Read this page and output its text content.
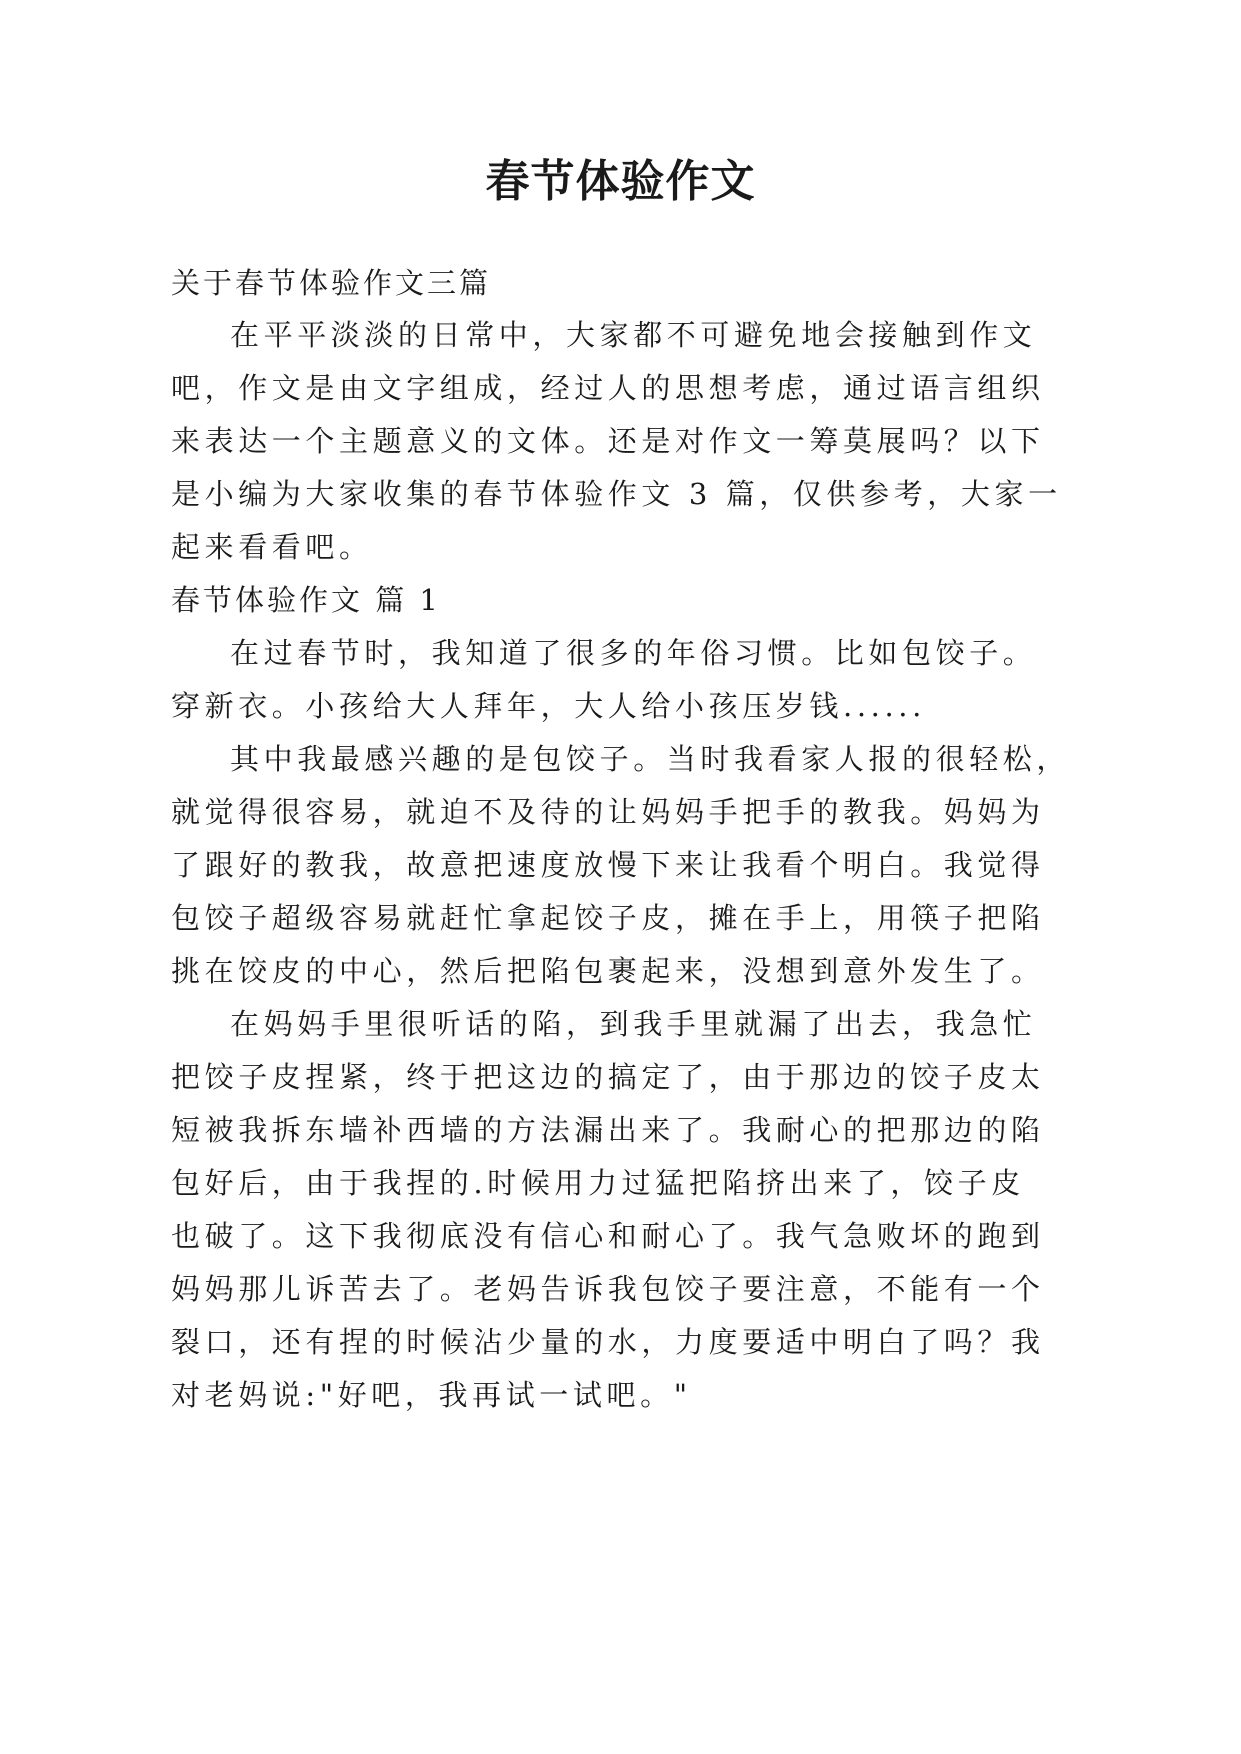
春节体验作文
关于春节体验作文三篇
在平平淡淡的日常中，大家都不可避免地会接触到作文
吧，作文是由文字组成，经过人的思想考虑，通过语言组织
来表达一个主题意义的文体。还是对作文一筹莫展吗？以下
是小编为大家收集的春节体验作文 3 篇，仅供参考，大家一
起来看看吧。
春节体验作文 篇 1
在过春节时，我知道了很多的年俗习惯。比如包饺子。
穿新衣。小孩给大人拜年，大人给小孩压岁钱......
其中我最感兴趣的是包饺子。当时我看家人报的很轻松，
就觉得很容易，就迫不及待的让妈妈手把手的教我。妈妈为
了跟好的教我，故意把速度放慢下来让我看个明白。我觉得
包饺子超级容易就赶忙拿起饺子皮，摊在手上，用筷子把陷
挑在饺皮的中心，然后把陷包裹起来，没想到意外发生了。
在妈妈手里很听话的陷，到我手里就漏了出去，我急忙
把饺子皮捏紧，终于把这边的搞定了，由于那边的饺子皮太
短被我拆东墙补西墙的方法漏出来了。我耐心的把那边的陷
包好后，由于我捏的.时候用力过猛把陷挤出来了，饺子皮
也破了。这下我彻底没有信心和耐心了。我气急败坏的跑到
妈妈那儿诉苦去了。老妈告诉我包饺子要注意，不能有一个
裂口，还有捏的时候沾少量的水，力度要适中明白了吗？我
对老妈说:"好吧，我再试一试吧。"
